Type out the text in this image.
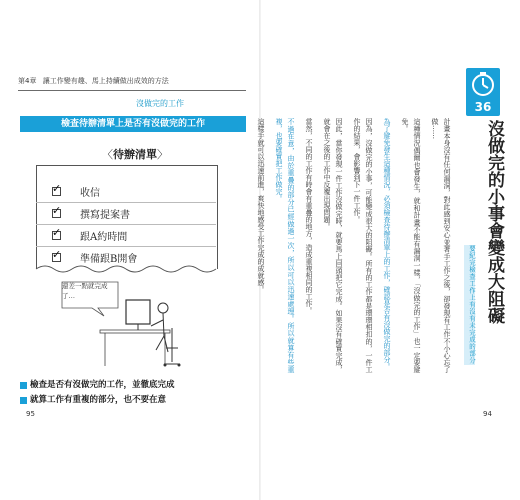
第4章 讓工作變有趣、馬上持續做出成效的方法
沒做完的工作
檢查待辦清單上是否有沒做完的工作
〈待辦清單〉
✓ 收信
✓ 撰寫提案書
✓ 跟A約時間
✓ 準備跟B開會
還差一點就完成了…
檢查是否有沒做完的工作，並徹底完成
就算工作有重複的部分，也不要在意
95
36
沒做完的小事會變成大阻礙
要紀完檢查工作上有沒有未完成的部分

計畫本身沒有任何漏洞，對此感到安心並著手工作之後，卻發現有工作不小心忘了做……

這種情況偶爾也會發生，就和計畫不能有漏洞一樣，「沒做完的工作」也一定要避免。

為了避免發生這種情況，必須檢查待辦清單上的工作，確認是否有沒做完的部分。

因為，沒做完的小事，可能變成很大的阻礙。所有的工作都是環環相扣的，一件工作的結果，會影響到下一件工作。

因此，當你發現一件工作沒做完時，就要馬上回頭把它完成。如果沒有確實完成，就會在之後的工作中反覆出現問題。

當然，不同的工作有時會有重疊的地方，造成重複相同的工作。

不過在意，由於重疊的部分已經做過一次，所以可以迅速處理。所以就算有些重複，也要確實把工作做完。

這樣手就可以迅速前進，爽快地感受工作完成的成就感。

94
